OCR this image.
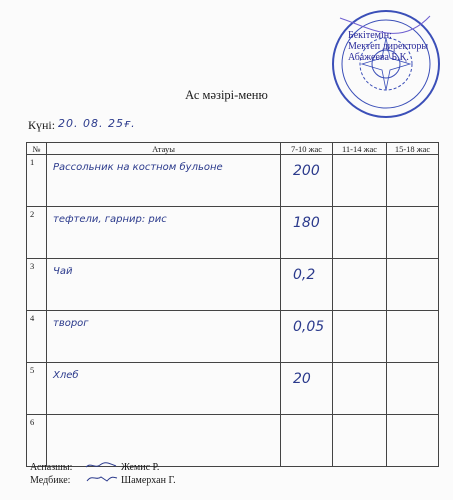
Бекітемін:
Мектеп директоры
Абажеева Б.Қ.
Ас мәзірі-меню
Күні: 20. 08. 25ғ.
№	Атауы	7-10 жас	11-14 жас	15-18 жас
1	Рассольник на костном бульоне	200		

2	тефтели, гарнир: рис	180		

3	Чай	0,2		

4	творог	0,05		

5	Хлеб	20		

6	

Аспазшы:	Жемис Р.
Медбике:	Шамерхан Г.
